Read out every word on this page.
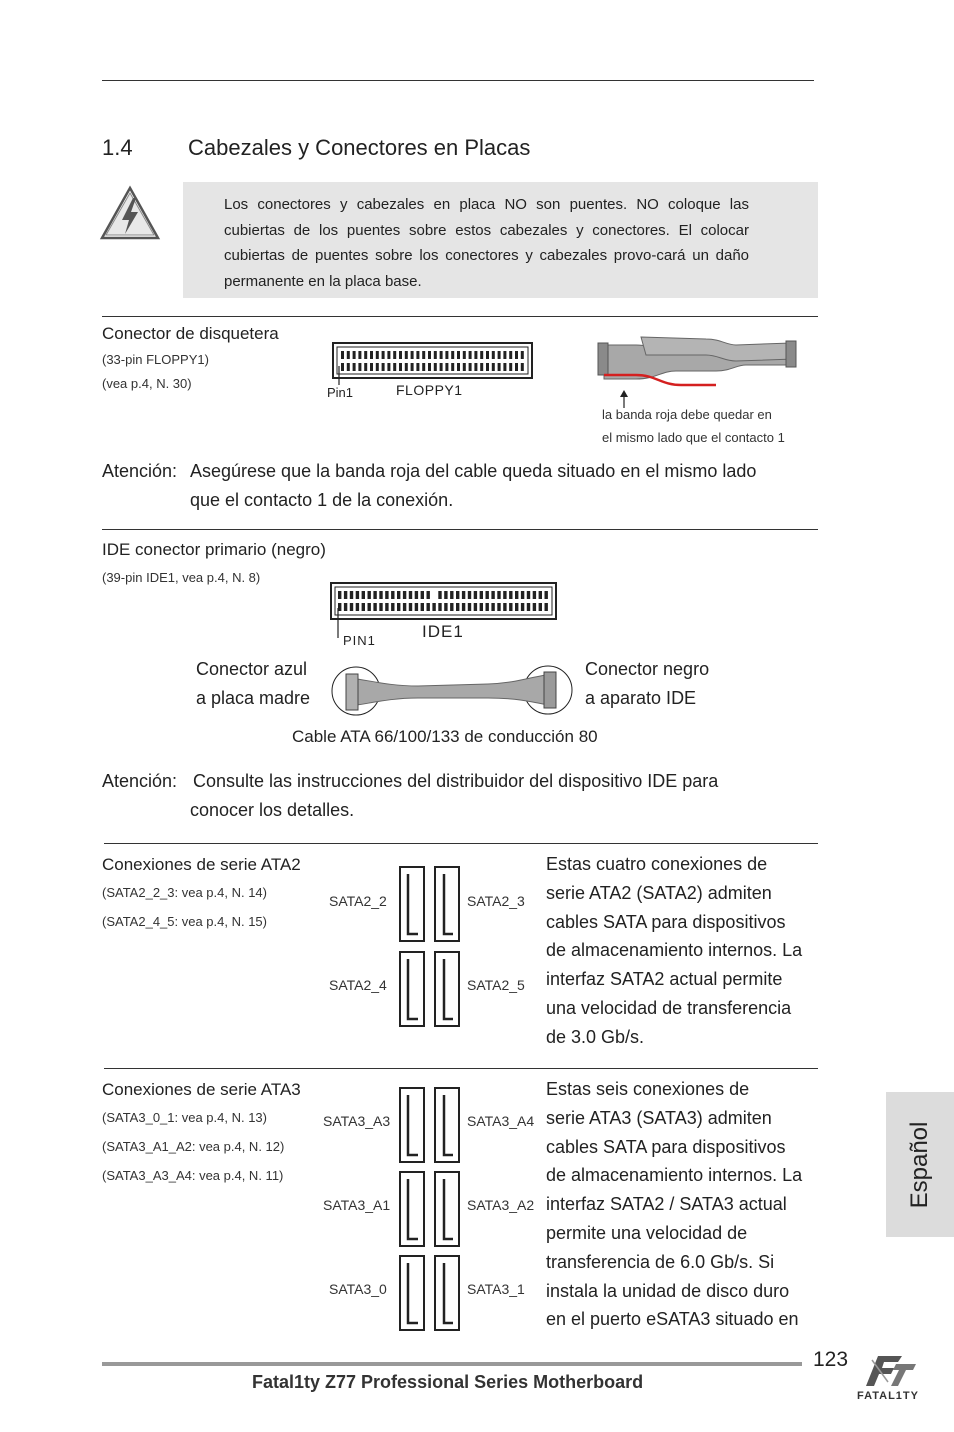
1.4	Cabezales y Conectores en Placas
Los conectores y cabezales en placa NO son puentes. NO coloque las cubiertas de los puentes sobre estos cabezales y conectores. El colocar cubiertas de puentes sobre los conectores y cabezales provo-cará un daño permanente en la placa base.
Conector de disquetera
(33-pin FLOPPY1)
(vea p.4, N. 30)
Pin1	FLOPPY1
la banda roja debe quedar en
el mismo lado que el contacto 1
Atención: Asegúrese que la banda roja del cable queda situado en el mismo lado
que el contacto 1 de la conexión.
IDE conector primario (negro)
(39-pin IDE1, vea p.4, N. 8)
PIN1	IDE1
Conector azul
a placa madre
Conector negro
a aparato IDE
Cable ATA 66/100/133 de conducción 80
Atención: Consulte las instrucciones del distribuidor del dispositivo IDE para
conocer los detalles.
Conexiones de serie ATA2
(SATA2_2_3: vea p.4, N. 14)
(SATA2_4_5: vea p.4, N. 15)
SATA2_2	SATA2_3
SATA2_4	SATA2_5
Estas cuatro conexiones de
serie ATA2 (SATA2) admiten
cables SATA para dispositivos
de almacenamiento internos. La
interfaz SATA2 actual permite
una velocidad de transferencia
de 3.0 Gb/s.
Conexiones de serie ATA3
(SATA3_0_1: vea p.4, N. 13)
(SATA3_A1_A2: vea p.4, N. 12)
(SATA3_A3_A4: vea p.4, N. 11)
SATA3_A3	SATA3_A4
SATA3_A1	SATA3_A2
SATA3_0	SATA3_1
Estas seis conexiones de
serie ATA3 (SATA3) admiten
cables SATA para dispositivos
de almacenamiento internos. La
interfaz SATA2 / SATA3 actual
permite una velocidad de
transferencia de 6.0 Gb/s. Si
instala la unidad de disco duro
en el puerto eSATA3 situado en
Español
123
Fatal1ty Z77 Professional Series Motherboard
FATAL1TY
